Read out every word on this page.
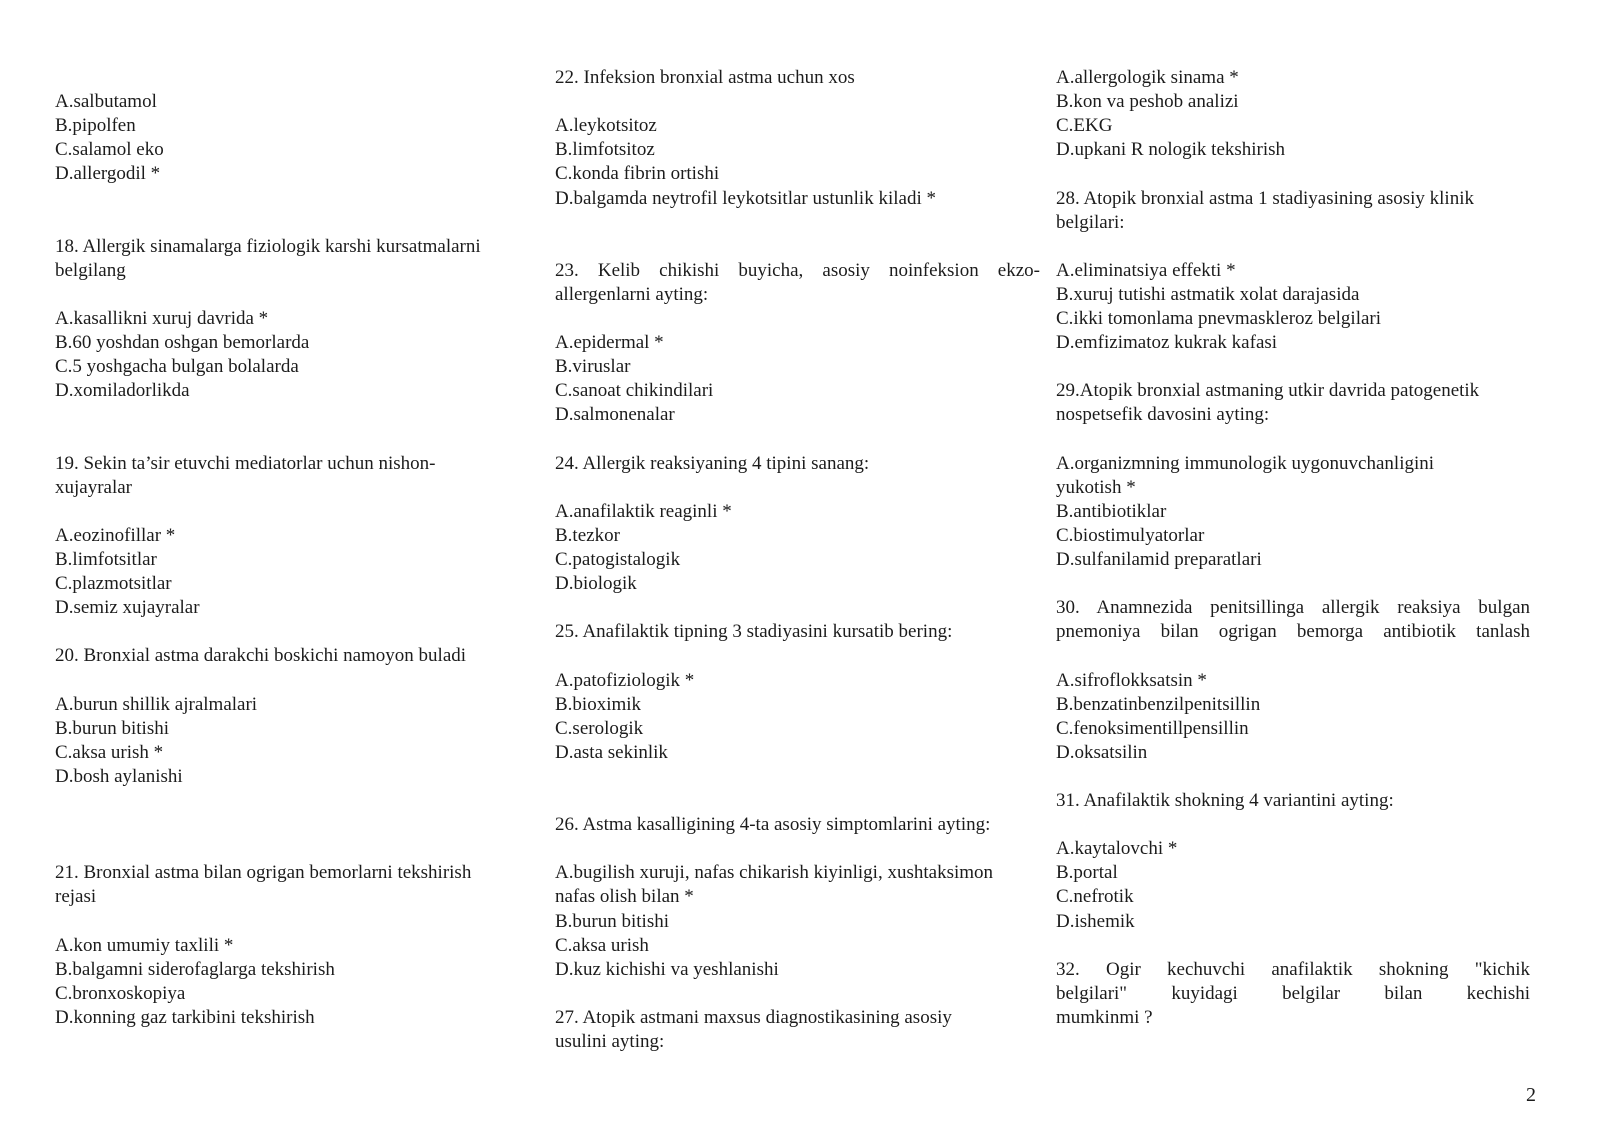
A.salbutamol
B.pipolfen
C.salamol eko
D.allergodil *
18. Allergik sinamalarga fiziologik karshi kursatmalarni
belgilang
A.kasallikni xuruj davrida *
B.60 yoshdan oshgan bemorlarda
C.5 yoshgacha bulgan bolalarda
D.xomiladorlikda
19. Sekin ta’sir etuvchi mediatorlar uchun nishon-
xujayralar
A.eozinofillar *
B.limfotsitlar
C.plazmotsitlar
D.semiz xujayralar
20. Bronxial astma darakchi boskichi namoyon buladi
A.burun shillik ajralmalari
B.burun bitishi
C.aksa urish *
D.bosh aylanishi
21. Bronxial astma bilan ogrigan bemorlarni tekshirish
rejasi
A.kon umumiy taxlili *
B.balgamni siderofaglarga tekshirish
C.bronxoskopiya
D.konning gaz tarkibini tekshirish
22. Infeksion bronxial astma uchun xos
A.leykotsitoz
B.limfotsitoz
C.konda fibrin ortishi
D.balgamda neytrofil leykotsitlar ustunlik kiladi *
23. Kelib chikishi buyicha, asosiy noinfeksion ekzo-
allergenlarni ayting:
A.epidermal *
B.viruslar
C.sanoat chikindilari
D.salmonenalar
24. Allergik reaksiyaning 4 tipini sanang:
A.anafilaktik reaginli *
B.tezkor
C.patogistalogik
D.biologik
25. Anafilaktik tipning 3 stadiyasini kursatib bering:
A.patofiziologik *
B.bioximik
C.serologik
D.asta sekinlik
26. Astma kasalligining 4-ta asosiy simptomlarini ayting:
A.bugilish xuruji, nafas chikarish kiyinligi, xushtaksimon
nafas olish bilan *
B.burun bitishi
C.aksa urish
D.kuz kichishi va yeshlanishi
27. Atopik astmani maxsus diagnostikasining asosiy
usulini ayting:
A.allergologik sinama *
B.kon va peshob analizi
C.EKG
D.upkani R nologik tekshirish
28. Atopik bronxial astma 1 stadiyasining asosiy klinik
belgilari:
A.eliminatsiya effekti *
B.xuruj tutishi astmatik xolat darajasida
C.ikki tomonlama pnevmaskleroz belgilari
D.emfizimatoz kukrak kafasi
29.Atopik bronxial astmaning utkir davrida patogenetik
nospetsefik davosini ayting:
A.organizmning immunologik uygonuvchanligini
yukotish *
B.antibiotiklar
C.biostimulyatorlar
D.sulfanilamid preparatlari
30. Anamnezida penitsillinga allergik reaksiya bulgan
pnemoniya bilan ogrigan bemorga antibiotik tanlash
A.sifroflokksatsin *
B.benzatinbenzilpenitsillin
C.fenoksimentillpensillin
D.oksatsilin
31. Anafilaktik shokning 4 variantini ayting:
A.kaytalovchi *
B.portal
C.nefrotik
D.ishemik
32. Ogir kechuvchi anafilaktik shokning "kichik
belgilari" kuyidagi belgilar bilan kechishi
mumkinmi ?
2
